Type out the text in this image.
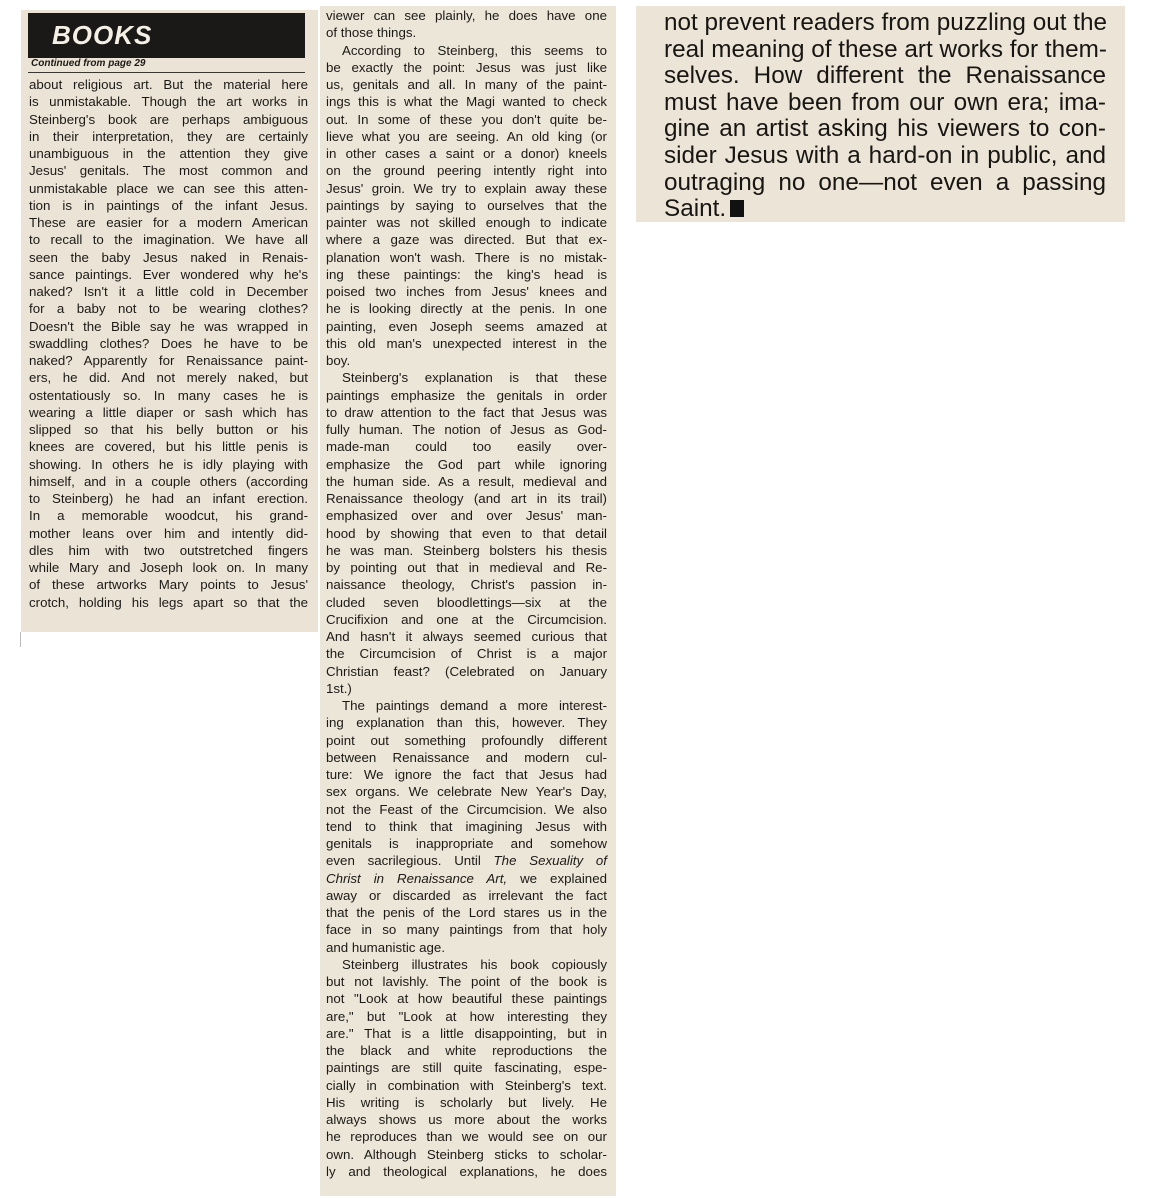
BOOKS
Continued from page 29
about religious art. But the material here
is unmistakable. Though the art works in
Steinberg's book are perhaps ambiguous
in their interpretation, they are certainly
unambiguous in the attention they give
Jesus' genitals. The most common and
unmistakable place we can see this atten-
tion is in paintings of the infant Jesus.
These are easier for a modern American
to recall to the imagination. We have all
seen the baby Jesus naked in Renais-
sance paintings. Ever wondered why he's
naked? Isn't it a little cold in December
for a baby not to be wearing clothes?
Doesn't the Bible say he was wrapped in
swaddling clothes? Does he have to be
naked? Apparently for Renaissance paint-
ers, he did. And not merely naked, but
ostentatiously so. In many cases he is
wearing a little diaper or sash which has
slipped so that his belly button or his
knees are covered, but his little penis is
showing. In others he is idly playing with
himself, and in a couple others (according
to Steinberg) he had an infant erection.
In a memorable woodcut, his grand-
mother leans over him and intently did-
dles him with two outstretched fingers
while Mary and Joseph look on. In many
of these artworks Mary points to Jesus'
crotch, holding his legs apart so that the
viewer can see plainly, he does have one
of those things.
According to Steinberg, this seems to
be exactly the point: Jesus was just like
us, genitals and all. In many of the paint-
ings this is what the Magi wanted to check
out. In some of these you don't quite be-
lieve what you are seeing. An old king (or
in other cases a saint or a donor) kneels
on the ground peering intently right into
Jesus' groin. We try to explain away these
paintings by saying to ourselves that the
painter was not skilled enough to indicate
where a gaze was directed. But that ex-
planation won't wash. There is no mistak-
ing these paintings: the king's head is
poised two inches from Jesus' knees and
he is looking directly at the penis. In one
painting, even Joseph seems amazed at
this old man's unexpected interest in the
boy.
Steinberg's explanation is that these
paintings emphasize the genitals in order
to draw attention to the fact that Jesus was
fully human. The notion of Jesus as God-
made-man could too easily over-
emphasize the God part while ignoring
the human side. As a result, medieval and
Renaissance theology (and art in its trail)
emphasized over and over Jesus' man-
hood by showing that even to that detail
he was man. Steinberg bolsters his thesis
by pointing out that in medieval and Re-
naissance theology, Christ's passion in-
cluded seven bloodlettings—six at the
Crucifixion and one at the Circumcision.
And hasn't it always seemed curious that
the Circumcision of Christ is a major
Christian feast? (Celebrated on January
1st.)
The paintings demand a more interest-
ing explanation than this, however. They
point out something profoundly different
between Renaissance and modern cul-
ture: We ignore the fact that Jesus had
sex organs. We celebrate New Year's Day,
not the Feast of the Circumcision. We also
tend to think that imagining Jesus with
genitals is inappropriate and somehow
even sacrilegious. Until The Sexuality of
Christ in Renaissance Art, we explained
away or discarded as irrelevant the fact
that the penis of the Lord stares us in the
face in so many paintings from that holy
and humanistic age.
Steinberg illustrates his book copiously
but not lavishly. The point of the book is
not "Look at how beautiful these paintings
are," but "Look at how interesting they
are." That is a little disappointing, but in
the black and white reproductions the
paintings are still quite fascinating, espe-
cially in combination with Steinberg's text.
His writing is scholarly but lively. He
always shows us more about the works
he reproduces than we would see on our
own. Although Steinberg sticks to scholar-
ly and theological explanations, he does
not prevent readers from puzzling out the
real meaning of these art works for them-
selves. How different the Renaissance
must have been from our own era; ima-
gine an artist asking his viewers to con-
sider Jesus with a hard-on in public, and
outraging no one—not even a passing
Saint.
